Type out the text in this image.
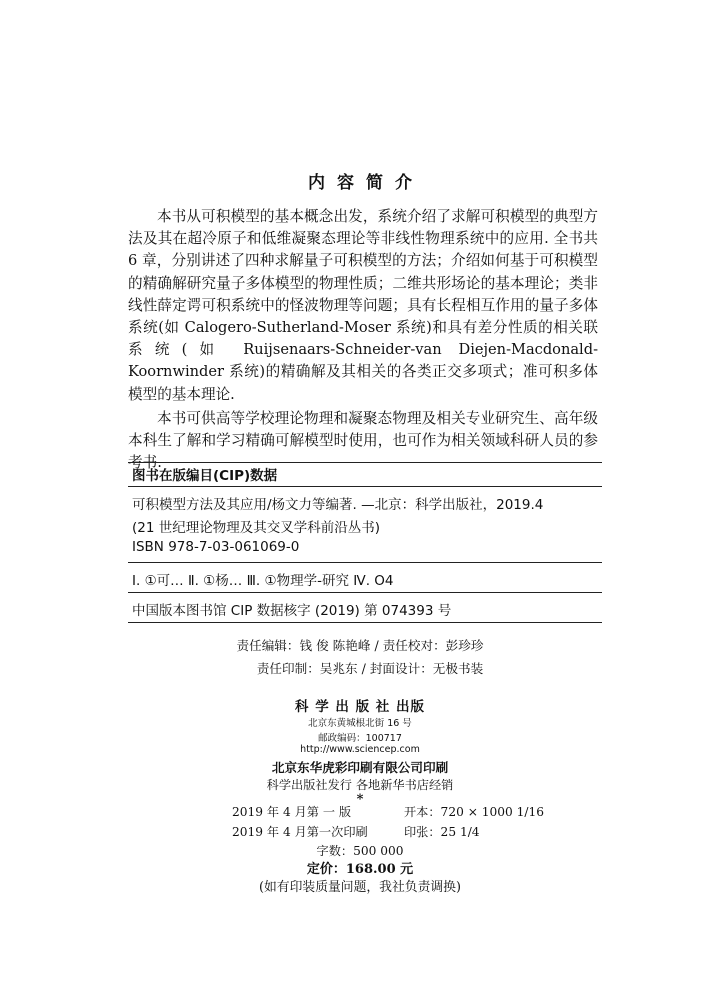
内容简介

本书从可积模型的基本概念出发，系统介绍了求解可积模型的典型方法及其在超冷原子和低维凝聚态理论等非线性物理系统中的应用. 全书共6 章，分别讲述了四种求解量子可积模型的方法；介绍如何基于可积模型的精确解研究量子多体模型的物理性质；二维共形场论的基本理论；类非线性薛定谔可积系统中的怪波物理等问题；具有长程相互作用的量子多体系统(如 Calogero-Sutherland-Moser 系统)和具有差分性质的相关联系统(如 Ruijsenaars-Schneider-van Diejen-Macdonald-Koornwinder 系统)的精确解及其相关的各类正交多项式；准可积多体模型的基本理论.

本书可供高等学校理论物理和凝聚态物理及相关专业研究生、高年级本科生了解和学习精确可解模型时使用，也可作为相关领域科研人员的参考书.

图书在版编目(CIP)数据
可积模型方法及其应用/杨文力等编著. —北京：科学出版社，2019.4
(21 世纪理论物理及其交叉学科前沿丛书)
ISBN 978-7-03-061069-0
Ⅰ. ①可… Ⅱ. ①杨… Ⅲ. ①物理学-研究 Ⅳ. O4
中国版本图书馆 CIP 数据核字 (2019) 第 074393 号
责任编辑：钱 俊 陈艳峰 / 责任校对：彭珍珍
责任印制：吴兆东 / 封面设计：无极书装
科 学 出 版 社 出版
北京东黄城根北街 16 号
邮政编码：100717
http://www.sciencep.com
北京东华虎彩印刷有限公司印刷
科学出版社发行 各地新华书店经销
*
2019 年 4 月第 一 版	开本：720 × 1000 1/16
2019 年 4 月第一次印刷	印张：25 1/4
字数：500 000
定价：168.00 元
(如有印装质量问题，我社负责调换)
